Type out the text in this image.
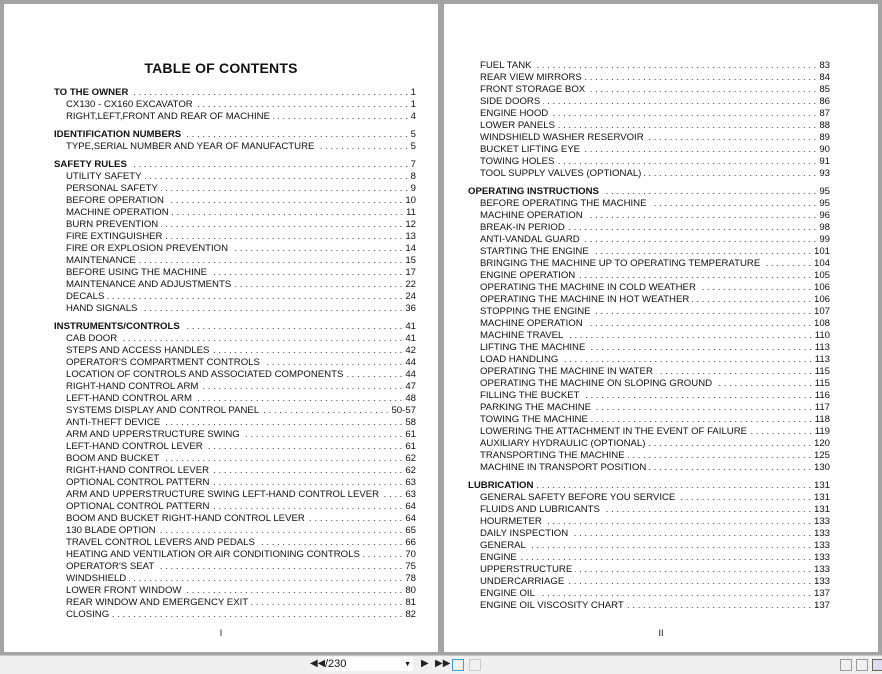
TABLE OF CONTENTS
TO THE OWNER . . .	1
CX130 - CX160 EXCAVATOR . . .	1
RIGHT,LEFT,FRONT AND REAR OF MACHINE . . .	4
IDENTIFICATION NUMBERS . . .	5
TYPE,SERIAL NUMBER AND YEAR OF MANUFACTURE . . .	5
SAFETY RULES . . .	7
UTILITY SAFETY . . .	8
PERSONAL SAFETY . . .	9
BEFORE OPERATION . . .	10
MACHINE OPERATION . . .	11
BURN PREVENTION . . .	12
FIRE EXTINGUISHER . . .	13
FIRE OR EXPLOSION PREVENTION . . .	14
MAINTENANCE . . .	15
BEFORE USING THE MACHINE . . .	17
MAINTENANCE AND ADJUSTMENTS . . .	22
DECALS . . .	24
HAND SIGNALS . . .	36
INSTRUMENTS/CONTROLS . . .	41
CAB DOOR . . .	41
STEPS AND ACCESS HANDLES . . .	42
OPERATOR'S COMPARTMENT CONTROLS . . .	44
LOCATION OF CONTROLS AND ASSOCIATED COMPONENTS . . .	44
RIGHT-HAND CONTROL ARM . . .	47
LEFT-HAND CONTROL ARM . . .	48
SYSTEMS DISPLAY AND CONTROL PANEL . . .	50-57
ANTI-THEFT DEVICE . . .	58
ARM AND UPPERSTRUCTURE SWING . . .	61
LEFT-HAND CONTROL LEVER . . .	61
BOOM AND BUCKET . . .	62
RIGHT-HAND CONTROL LEVER . . .	62
OPTIONAL CONTROL PATTERN . . .	63
ARM AND UPPERSTRUCTURE SWING LEFT-HAND CONTROL LEVER . . .	63
OPTIONAL CONTROL PATTERN . . .	64
BOOM AND BUCKET RIGHT-HAND CONTROL LEVER . . .	64
130 BLADE OPTION . . .	65
TRAVEL CONTROL LEVERS AND PEDALS . . .	66
HEATING AND VENTILATION OR AIR CONDITIONING CONTROLS . . .	70
OPERATOR'S SEAT . . .	75
WINDSHIELD . . .	78
LOWER FRONT WINDOW . . .	80
REAR WINDOW AND EMERGENCY EXIT . . .	81
CLOSING . . .	82
I
FUEL TANK . . .	83
REAR VIEW MIRRORS . . .	84
FRONT STORAGE BOX . . .	85
SIDE DOORS . . .	86
ENGINE HOOD . . .	87
LOWER PANELS . . .	88
WINDSHIELD WASHER RESERVOIR . . .	89
BUCKET LIFTING EYE . . .	90
TOWING HOLES . . .	91
TOOL SUPPLY VALVES (OPTIONAL) . . .	93
OPERATING INSTRUCTIONS . . .	95
BEFORE OPERATING THE MACHINE . . .	95
MACHINE OPERATION . . .	96
BREAK-IN PERIOD . . .	98
ANTI-VANDAL GUARD . . .	99
STARTING THE ENGINE . . .	101
BRINGING THE MACHINE UP TO OPERATING TEMPERATURE . . .	104
ENGINE OPERATION . . .	105
OPERATING THE MACHINE IN COLD WEATHER . . .	106
OPERATING THE MACHINE IN HOT WEATHER . . .	106
STOPPING THE ENGINE . . .	107
MACHINE OPERATION . . .	108
MACHINE TRAVEL . . .	110
LIFTING THE MACHINE . . .	113
LOAD HANDLING . . .	113
OPERATING THE MACHINE IN WATER . . .	115
OPERATING THE MACHINE ON SLOPING GROUND . . .	115
FILLING THE BUCKET . . .	116
PARKING THE MACHINE . . .	117
TOWING THE MACHINE . . .	118
LOWERING THE ATTACHMENT IN THE EVENT OF FAILURE . . .	119
AUXILIARY HYDRAULIC (OPTIONAL) . . .	120
TRANSPORTING THE MACHINE . . .	125
MACHINE IN TRANSPORT POSITION . . .	130
LUBRICATION . . .	131
GENERAL SAFETY BEFORE YOU SERVICE . . .	131
FLUIDS AND LUBRICANTS . . .	131
HOURMETER . . .	133
DAILY INSPECTION . . .	133
GENERAL . . .	133
ENGINE . . .	133
UPPERSTRUCTURE . . .	133
UNDERCARRIAGE . . .	133
ENGINE OIL . . .	137
ENGINE OIL VISCOSITY CHART . . .	137
II
◀◀ /230	▼ ▶ ▶▶
